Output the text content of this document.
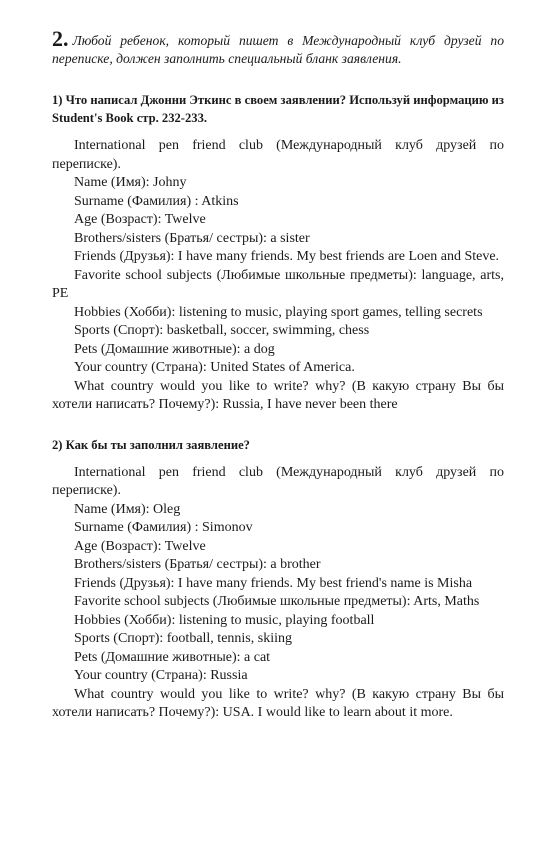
2. Любой ребенок, который пишет в Международный клуб друзей по переписке, должен заполнить специальный бланк заявления.

1) Что написал Джонни Эткинс в своем заявлении? Используй информацию из Student's Book стр. 232-233.

International pen friend club (Международный клуб друзей по переписке).

Name (Имя): Johny

Surname (Фамилия) : Atkins

Age (Возраст): Twelve

Brothers/sisters (Братья/ сестры): a sister

Friends (Друзья): I have many friends. My best friends are Loen and Steve.

Favorite school subjects (Любимые школьные предметы): language, arts, PE

Hobbies (Хобби): listening to music, playing sport games, telling secrets

Sports (Спорт): basketball, soccer, swimming, chess

Pets (Домашние животные): a dog

Your country (Страна): United States of America.

What country would you like to write? why? (В какую страну Вы бы хотели написать? Почему?): Russia, I have never been there

2) Как бы ты заполнил заявление?

International pen friend club (Международный клуб друзей по переписке).

Name (Имя): Oleg

Surname (Фамилия) : Simonov

Age (Возраст): Twelve

Brothers/sisters (Братья/ сестры): a brother

Friends (Друзья): I have many friends. My best friend's name is Misha

Favorite school subjects (Любимые школьные предметы): Arts, Maths

Hobbies (Хобби): listening to music, playing football

Sports (Спорт): football, tennis, skiing

Pets (Домашние животные): a cat

Your country (Страна): Russia

What country would you like to write? why? (В какую страну Вы бы хотели написать? Почему?): USA. I would like to learn about it more.
